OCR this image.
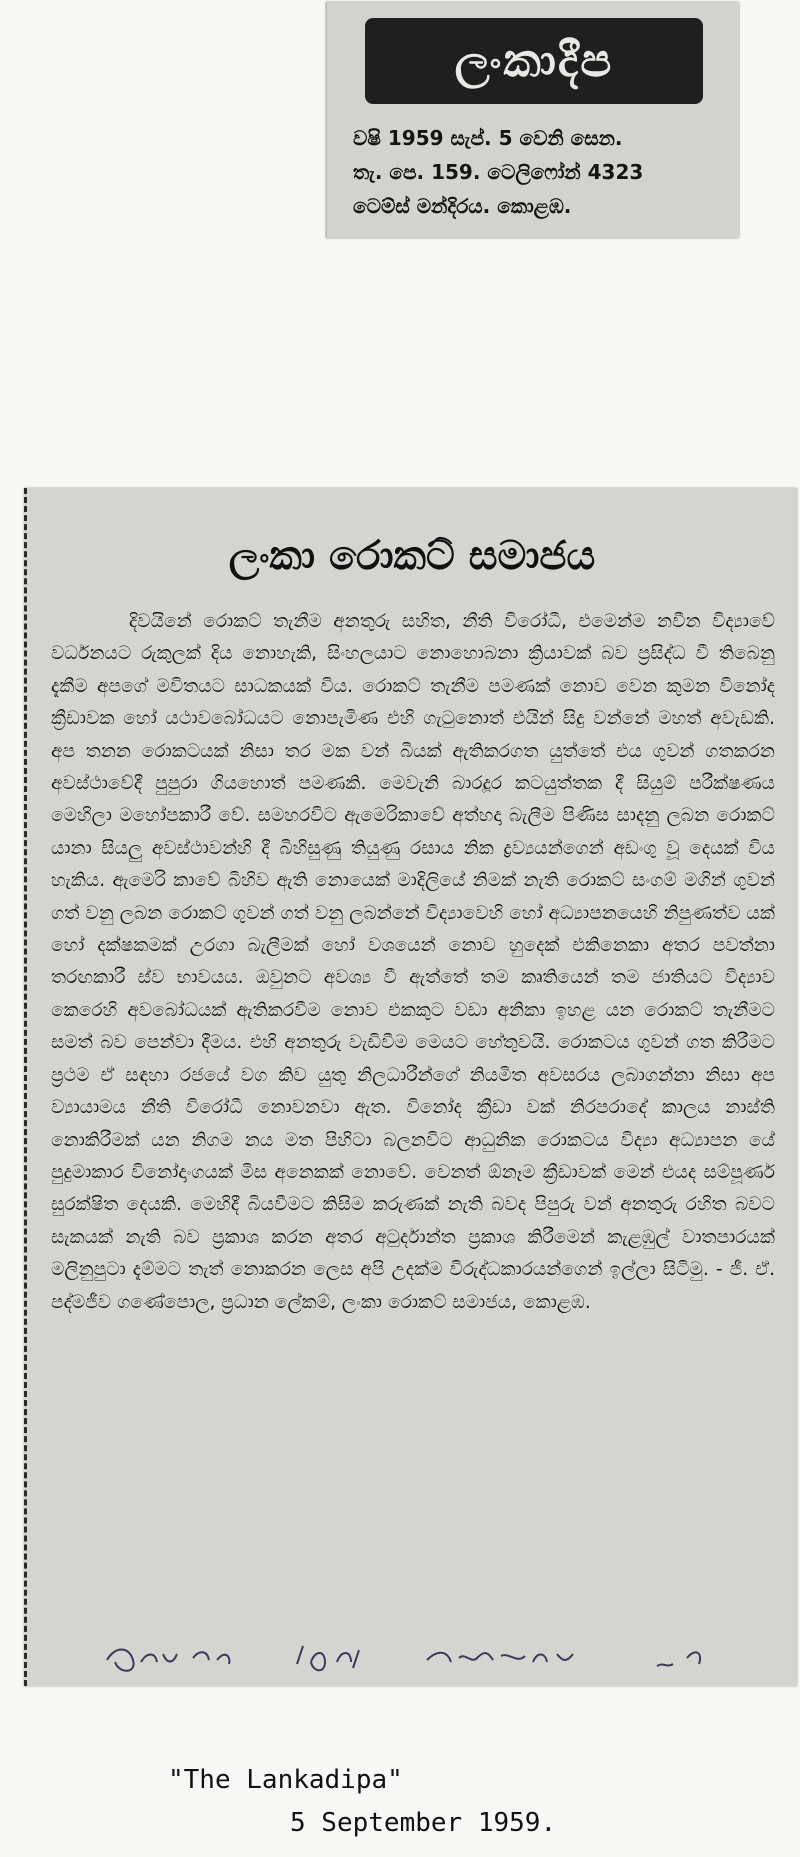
ලංකාදීප
වෂි 1959 සැප්. 5 වෙනි සෙන.
තැ. පෙ. 159. ටෙලිෆෝන් 4323
ටෙම්ස් මන්දිරය. කොළඹ.
ලංකා රොකට් සමාජය
දිවයිනේ රොකට් තැනීම අනතුරු සහිත, නීති විරෝධී, එමෙන්ම නවීන විද්‍යාවේ වර්ධනයට රුකුලක් දිය නොහැකි, සිංහලයාට නොහොබනා ක්‍රියාවක් බව ප්‍රසිද්ධ වී තිබෙනු දැකීම අපගේ මවිතයට සාධකයක් විය. රොකට් තැනීම පමණක් නොව වෙන කුමන විනෝද ක්‍රීඩාවක හෝ යථාවබෝධයට නොපැමිණ එහි ගැටුනොත් එයින් සිදු වන්නේ මහත් අවැඩකි. අප තනන රොකටයක් නිසා තර මක වන් බියක් ඇතිකරගත යුත්තේ එය ගුවන් ගතකරන අවස්ථාවේදී පුපුරා ගියහොත් පමණකි. මෙවැනි බාරදූර කටයුත්තක දී සියුම් පරීක්ෂණය මෙහිලා මහෝපකාරී වේ. සමහරවිට ඇමෙරිකාවේ අත්හදා බැලීම පිණිස සාදනු ලබන රොකට් යානා සියලු අවස්ථාවන්හි දී බිහිසුණු තියුණු රසාය නික ද්‍රව්‍යයන්ගෙන් අඩංගු වූ දෙයක් විය හැකිය. ඇමෙරි කාවේ බිහිව ඇති නොයෙක් මාදිලියේ නිමක් නැති රොකට් සංගම් මගින් ගුවන් ගත් වනු ලබන රොකට් ගුවන් ගත් වනු ලබන්නේ විද්‍යාවෙහි හෝ අධ්‍යාපනයෙහි නිපුණත්ව යක් හෝ දක්ෂකමක් උරගා බැලීමක් හෝ වශයෙන් නොව හුදෙක් එකිනෙකා අතර පවත්නා තරඟකාරී ස්ව භාවයය. ඔවුනට අවශ්‍ය වී ඇත්තේ තම කෘතියෙන් තම ජාතියට විද්‍යාව කෙරෙහි අවබෝධයක් ඇතිකරවීම නොව එකකුට වඩා අනිකා ඉහළ යන රොකට් තැනීමට සමත් බව පෙන්වා දීමය. එහි අනතුරු වැඩිවීම මෙයට හේතුවයි. රොකටය ගුවන් ගත කිරීමට ප්‍රථම ඒ සඳහා රජයේ වග කිව යුතු නිලධාරීන්ගේ නියමිත අවසරය ලබාගන්නා නිසා අප ව්‍යායාමය නීති විරෝධී නොවනවා ඇත. විනෝද ක්‍රීඩා වක් නිරපරාදේ කාලය නාස්ති නොකිරීමක් යන නිගම නය මත පිහිටා බලනවිට ආධුනික රොකටය විද්‍යා අධ්‍යාපන යේ පුදුමාකාර විනෝදාංගයක් මිස අනෙකක් නොවේ. වෙනත් ඕනෑම ක්‍රීඩාවක් මෙන් එයද සම්පූර්ණ සුරක්ෂිත දෙයකි. මෙහිදී බියවීමට කිසිම කරුණක් නැති බවද පිපුරු වන් අනතුරු රහිත බවට සැකයක් නැති බව ප්‍රකාශ කරන අතර අටුර්දාන්ත ප්‍රකාශ කිරීමෙන් කැළඹුල් වාතපාරයක් මලිනුපුටා දැම්මට තැත් නොකරන ලෙස අපි උදක්ම විරුද්ධකාරයන්ගෙන් ඉල්ලා සිටිමු. - ජී. ඒ. පද්මජීව ගණේපොල, ප්‍රධාන ලේකම්, ලංකා රොකට් සමාජය, කොළඹ.
"The Lankadipa"
5 September 1959.
